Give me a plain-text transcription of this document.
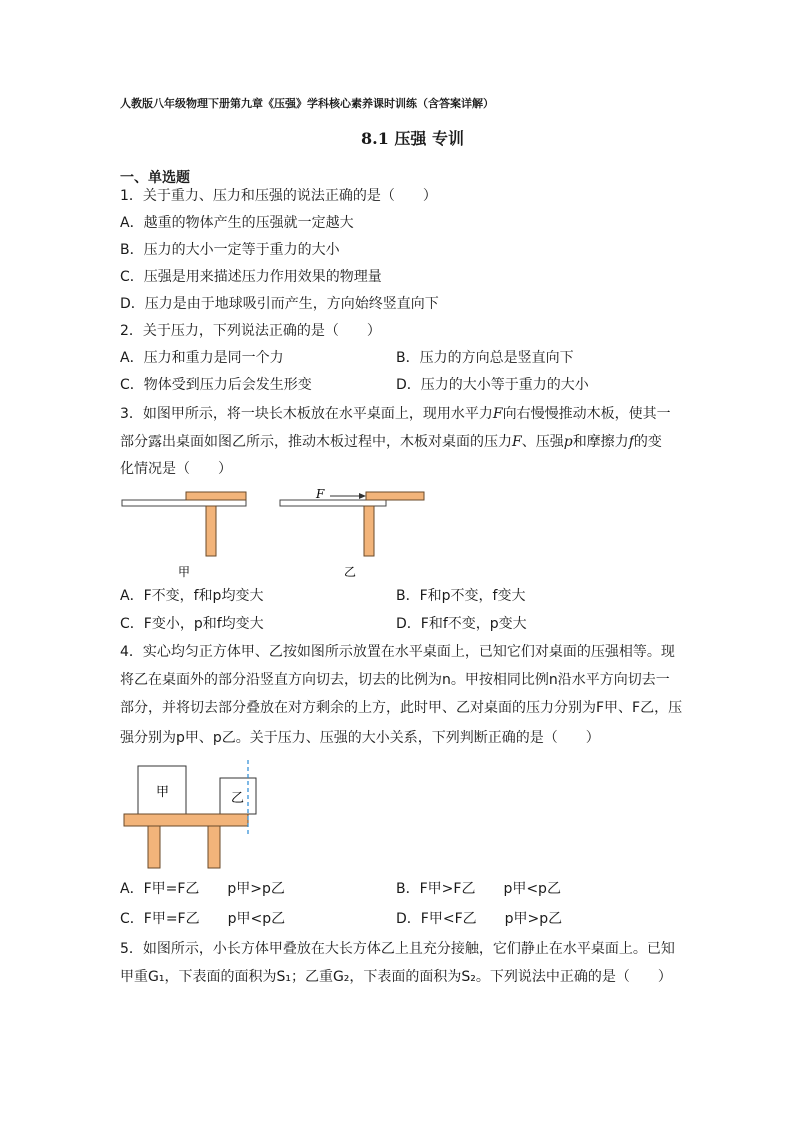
人教版八年级物理下册第九章《压强》学科核心素养课时训练（含答案详解）
8.1 压强 专训
一、单选题
1．关于重力、压力和压强的说法正确的是（　　）
A．越重的物体产生的压强就一定越大
B．压力的大小一定等于重力的大小
C．压强是用来描述压力作用效果的物理量
D．压力是由于地球吸引而产生，方向始终竖直向下
2．关于压力，下列说法正确的是（　　）
A．压力和重力是同一个力	B．压力的方向总是竖直向下
C．物体受到压力后会发生形变	D．压力的大小等于重力的大小
3．如图甲所示，将一块长木板放在水平桌面上，现用水平力F向右慢慢推动木板，使其一
部分露出桌面如图乙所示，推动木板过程中，木板对桌面的压力F、压强p和摩擦力f的变
化情况是（　　）
甲
F
乙
A．F不变，f和p均变大	B．F和p不变，f变大
C．F变小，p和f均变大	D．F和f不变，p变大
4．实心均匀正方体甲、乙按如图所示放置在水平桌面上，已知它们对桌面的压强相等。现
将乙在桌面外的部分沿竖直方向切去，切去的比例为n。甲按相同比例n沿水平方向切去一
部分，并将切去部分叠放在对方剩余的上方，此时甲、乙对桌面的压力分别为F甲、F乙，压
强分别为p甲、p乙。关于压力、压强的大小关系，下列判断正确的是（　　）
甲	乙
A．F甲=F乙　　p甲>p乙	B．F甲>F乙　　p甲<p乙
C．F甲=F乙　　p甲<p乙	D．F甲<F乙　　p甲>p乙
5．如图所示，小长方体甲叠放在大长方体乙上且充分接触，它们静止在水平桌面上。已知
甲重G₁，下表面的面积为S₁；乙重G₂，下表面的面积为S₂。下列说法中正确的是（　　）
